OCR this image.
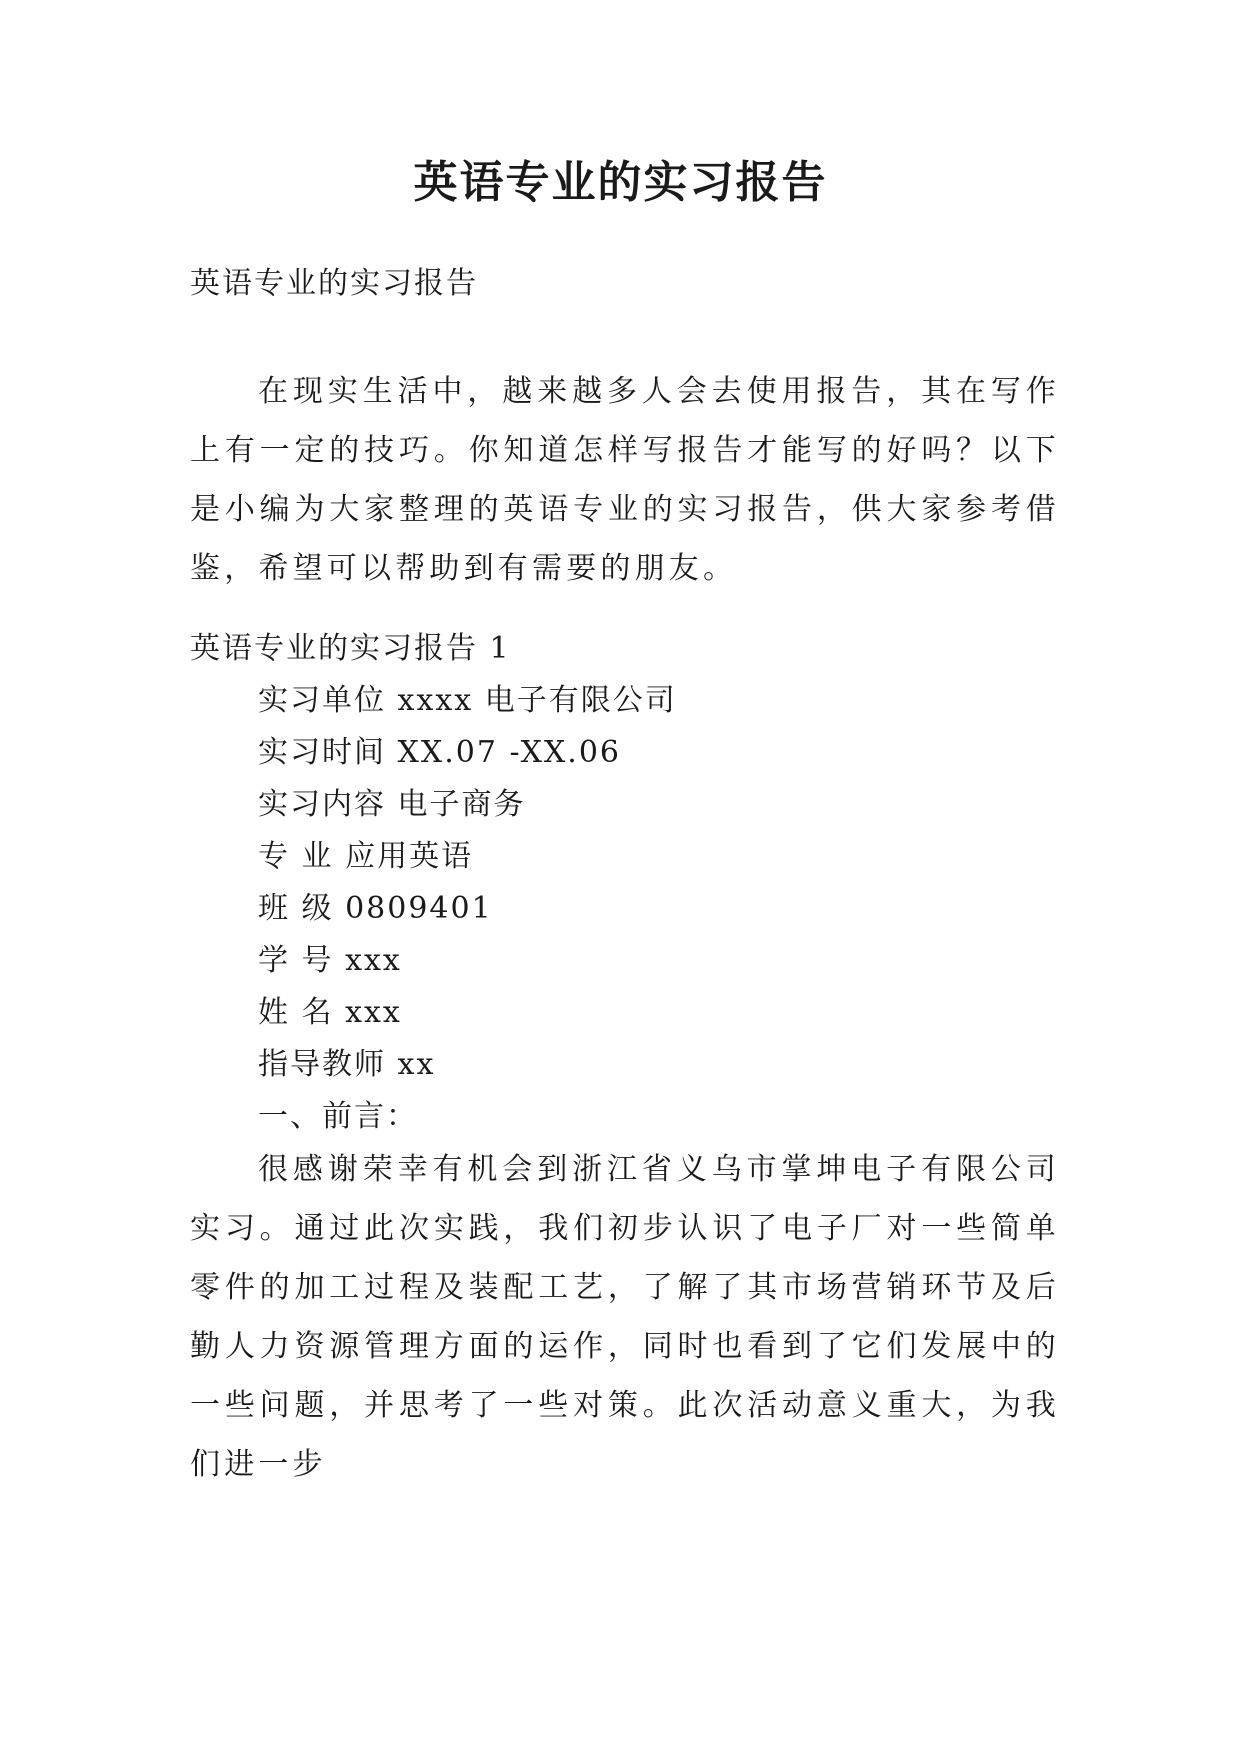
英语专业的实习报告

英语专业的实习报告

在现实生活中，越来越多人会去使用报告，其在写作上有一定的技巧。你知道怎样写报告才能写的好吗？以下是小编为大家整理的英语专业的实习报告，供大家参考借鉴，希望可以帮助到有需要的朋友。

英语专业的实习报告 1

实习单位 xxxx 电子有限公司

实习时间 XX.07 -XX.06

实习内容 电子商务

专 业 应用英语

班 级 0809401

学 号 xxx

姓 名 xxx

指导教师 xx

一、前言：

很感谢荣幸有机会到浙江省义乌市掌坤电子有限公司实习。通过此次实践，我们初步认识了电子厂对一些简单零件的加工过程及装配工艺，了解了其市场营销环节及后勤人力资源管理方面的运作，同时也看到了它们发展中的一些问题，并思考了一些对策。此次活动意义重大，为我们进一步
